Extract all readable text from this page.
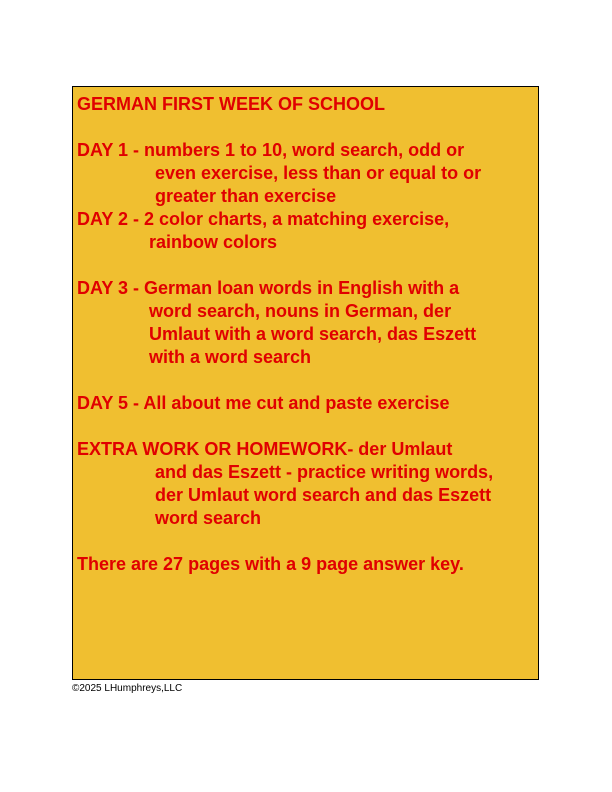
GERMAN FIRST WEEK OF SCHOOL
DAY 1 - numbers 1 to 10, word search, odd or
even exercise, less than or equal to or
greater than exercise
DAY 2 - 2 color charts, a matching exercise,
rainbow colors
DAY 3 - German loan words in English with a
word search, nouns in German, der
Umlaut with a word search, das Eszett
with a word search
DAY 5 - All about me cut and paste exercise
EXTRA WORK OR HOMEWORK- der Umlaut
and das Eszett - practice writing words,
der Umlaut word search and das Eszett
word search
There are 27 pages with a 9 page answer key.
©2025 LHumphreys,LLC
